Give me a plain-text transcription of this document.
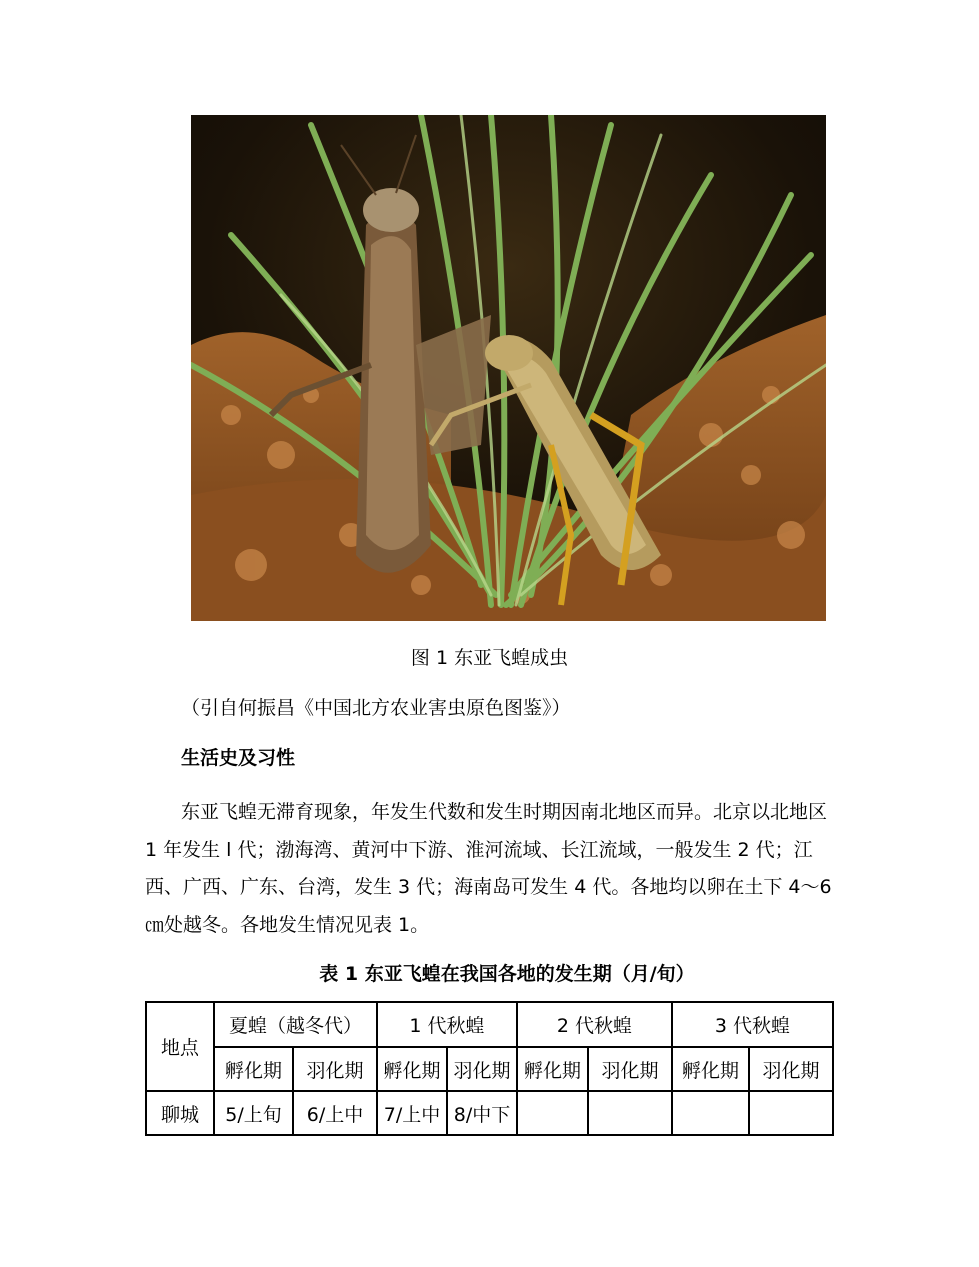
图 1 东亚飞蝗成虫
（引自何振昌《中国北方农业害虫原色图鉴》）
生活史及习性
东亚飞蝗无滞育现象，年发生代数和发生时期因南北地区而异。北京以北地区
1 年发生 l 代；渤海湾、黄河中下游、淮河流域、长江流域，一般发生 2 代；江
西、广西、广东、台湾，发生 3 代；海南岛可发生 4 代。各地均以卵在土下 4～6
㎝处越冬。各地发生情况见表 1。
表 1 东亚飞蝗在我国各地的发生期（月/旬）
地点	夏蝗（越冬代）		1 代秋蝗		2 代秋蝗		3 代秋蝗	
	孵化期	羽化期	孵化期	羽化期	孵化期	羽化期	孵化期	羽化期
聊城	5/上旬	6/上中	7/上中	8/中下				
